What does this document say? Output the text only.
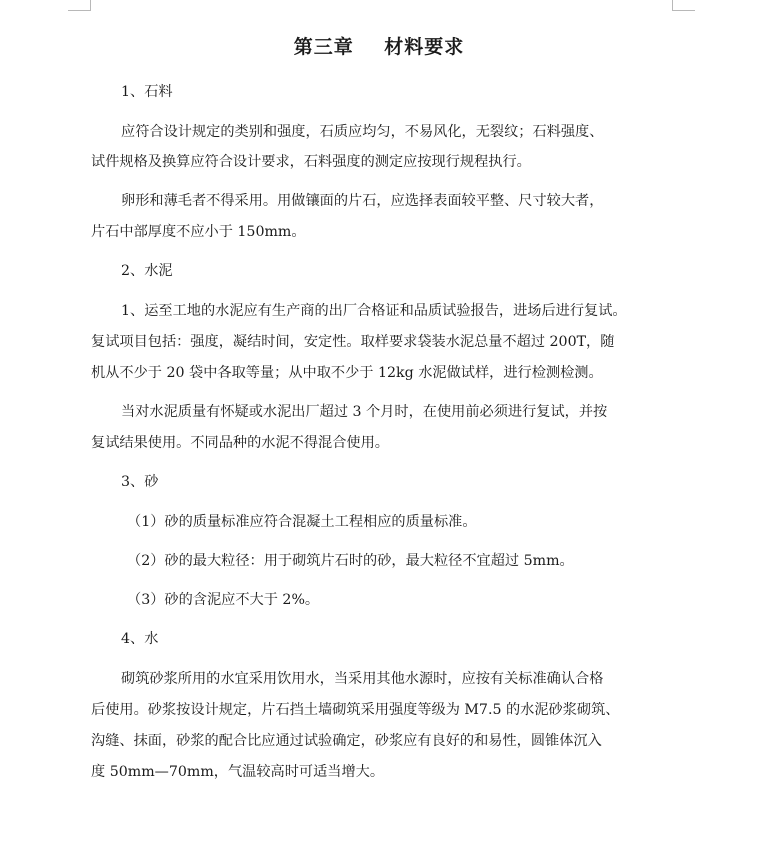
第三章    材料要求
1、石料
应符合设计规定的类别和强度，石质应均匀，不易风化，无裂纹；石料强度、
试件规格及换算应符合设计要求，石料强度的测定应按现行规程执行。
卵形和薄毛者不得采用。用做镶面的片石，应选择表面较平整、尺寸较大者，
片石中部厚度不应小于 150mm。
2、水泥
1、运至工地的水泥应有生产商的出厂合格证和品质试验报告，进场后进行复试。
复试项目包括：强度，凝结时间，安定性。取样要求袋装水泥总量不超过 200T，随
机从不少于 20 袋中各取等量；从中取不少于 12kg 水泥做试样，进行检测检测。
当对水泥质量有怀疑或水泥出厂超过 3 个月时，在使用前必须进行复试，并按
复试结果使用。不同品种的水泥不得混合使用。
3、砂
（1）砂的质量标准应符合混凝土工程相应的质量标准。
（2）砂的最大粒径：用于砌筑片石时的砂，最大粒径不宜超过 5mm。
（3）砂的含泥应不大于 2%。
4、水
砌筑砂浆所用的水宜采用饮用水，当采用其他水源时，应按有关标准确认合格
后使用。砂浆按设计规定，片石挡土墙砌筑采用强度等级为 M7.5 的水泥砂浆砌筑、
沟缝、抹面，砂浆的配合比应通过试验确定，砂浆应有良好的和易性，圆锥体沉入
度 50mm—70mm，气温较高时可适当增大。
